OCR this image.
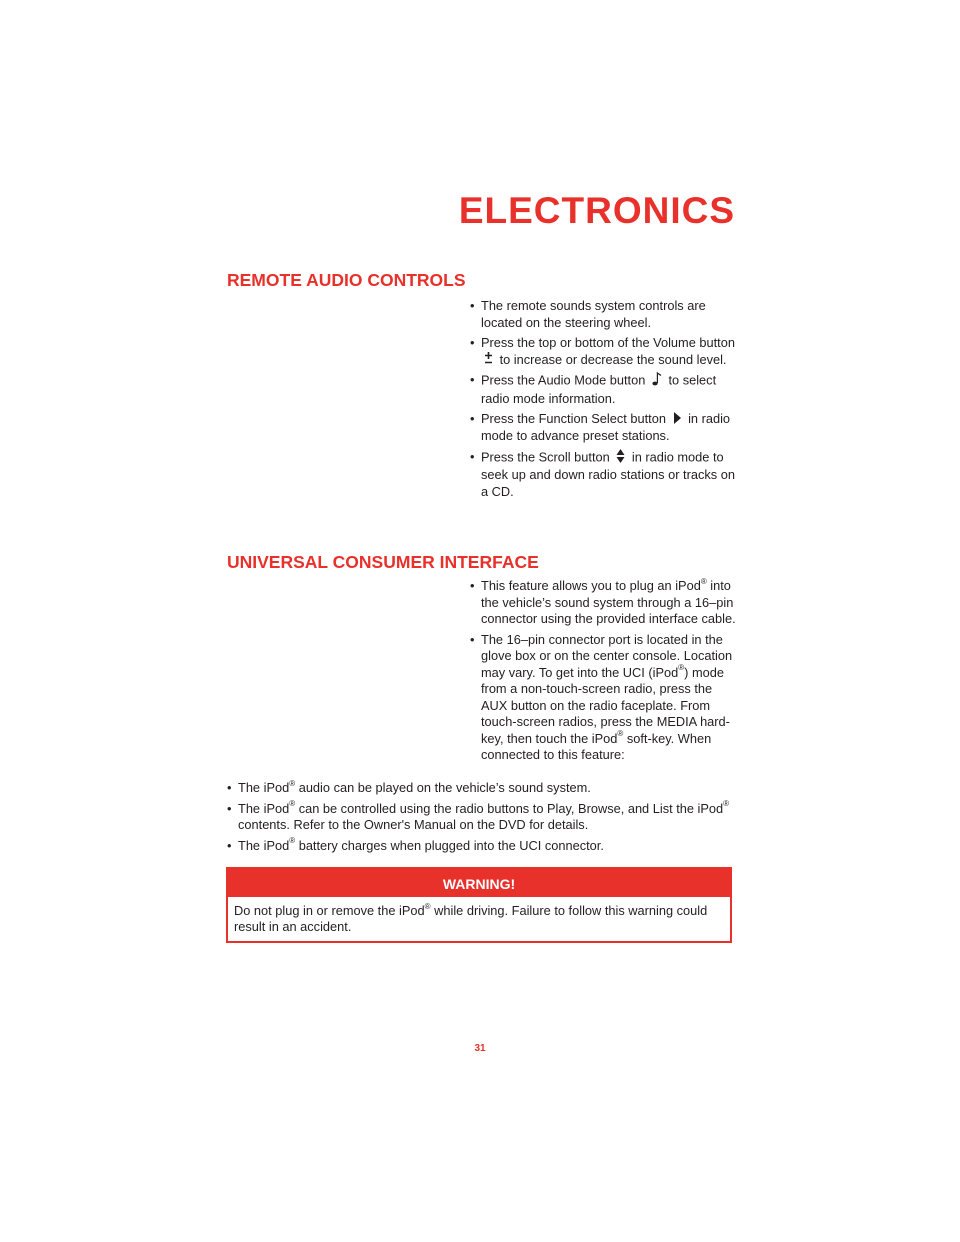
ELECTRONICS
REMOTE AUDIO CONTROLS
• The remote sounds system controls are located on the steering wheel.
• Press the top or bottom of the Volume button  to increase or decrease the sound level.
• Press the Audio Mode button to select radio mode information.
• Press the Function Select button in radio mode to advance preset stations.
• Press the Scroll button in radio mode to seek up and down radio stations or tracks on a CD.
UNIVERSAL CONSUMER INTERFACE
• This feature allows you to plug an iPod® into the vehicle’s sound system through a 16–pin connector using the provided interface cable.
• The 16–pin connector port is located in the glove box or on the center console. Location may vary. To get into the UCI (iPod®) mode from a non-touch-screen radio, press the AUX button on the radio faceplate. From touch-screen radios, press the MEDIA hard-key, then touch the iPod® soft-key. When connected to this feature:
• The iPod® audio can be played on the vehicle’s sound system.
• The iPod® can be controlled using the radio buttons to Play, Browse, and List the iPod® contents. Refer to the Owner's Manual on the DVD for details.
• The iPod® battery charges when plugged into the UCI connector.
WARNING!
Do not plug in or remove the iPod® while driving. Failure to follow this warning could result in an accident.
31
